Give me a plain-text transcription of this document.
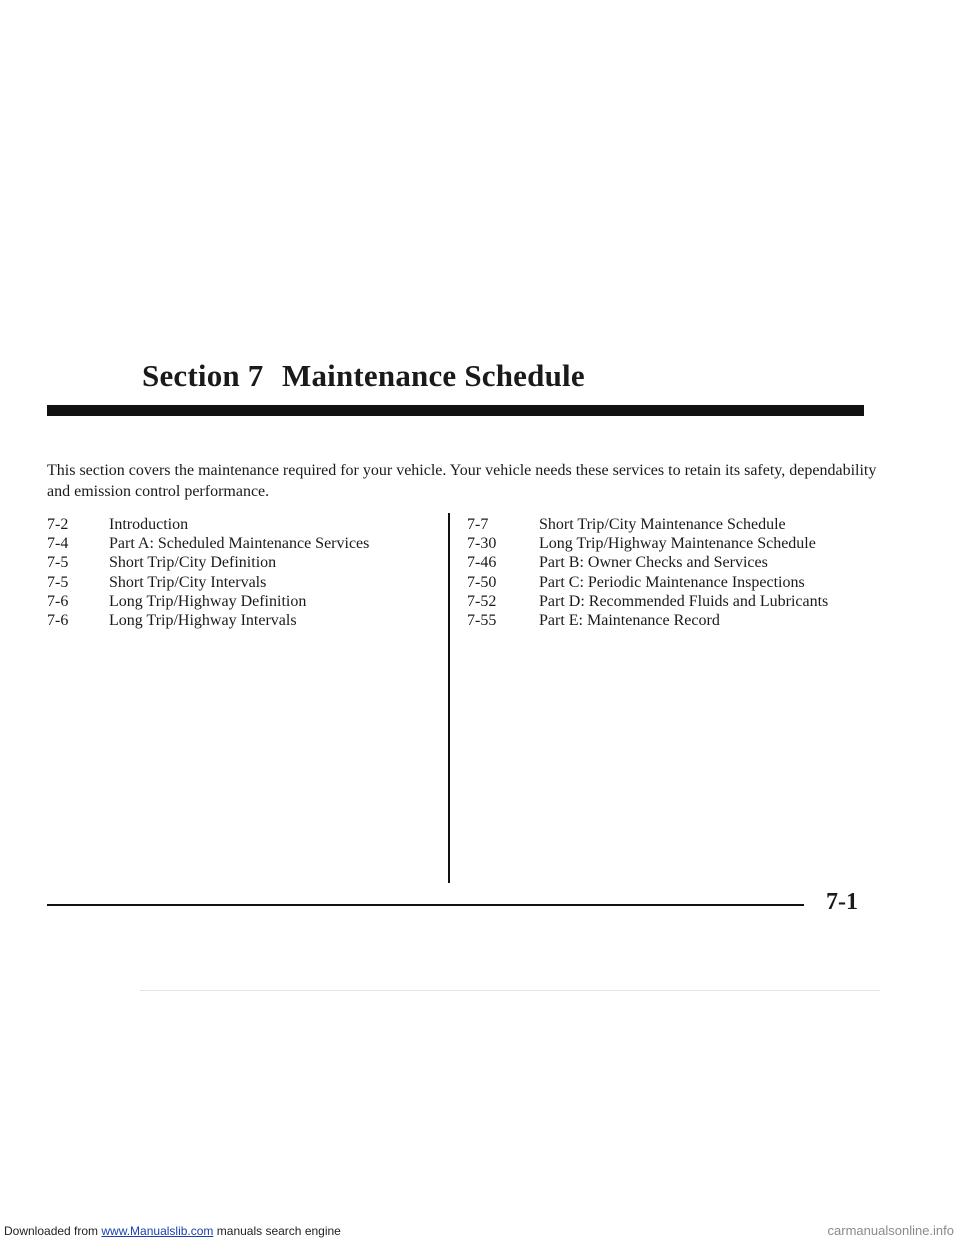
Section 7 Maintenance Schedule

This section covers the maintenance required for your vehicle. Your vehicle needs these services to retain its safety, dependability and emission control performance.

7-2	Introduction
7-4	Part A: Scheduled Maintenance Services
7-5	Short Trip/City Definition
7-5	Short Trip/City Intervals
7-6	Long Trip/Highway Definition
7-6	Long Trip/Highway Intervals
7-7	Short Trip/City Maintenance Schedule
7-30	Long Trip/Highway Maintenance Schedule
7-46	Part B: Owner Checks and Services
7-50	Part C: Periodic Maintenance Inspections
7-52	Part D: Recommended Fluids and Lubricants
7-55	Part E: Maintenance Record

7-1

Downloaded from www.Manualslib.com manuals search engine	carmanualsonline.info
